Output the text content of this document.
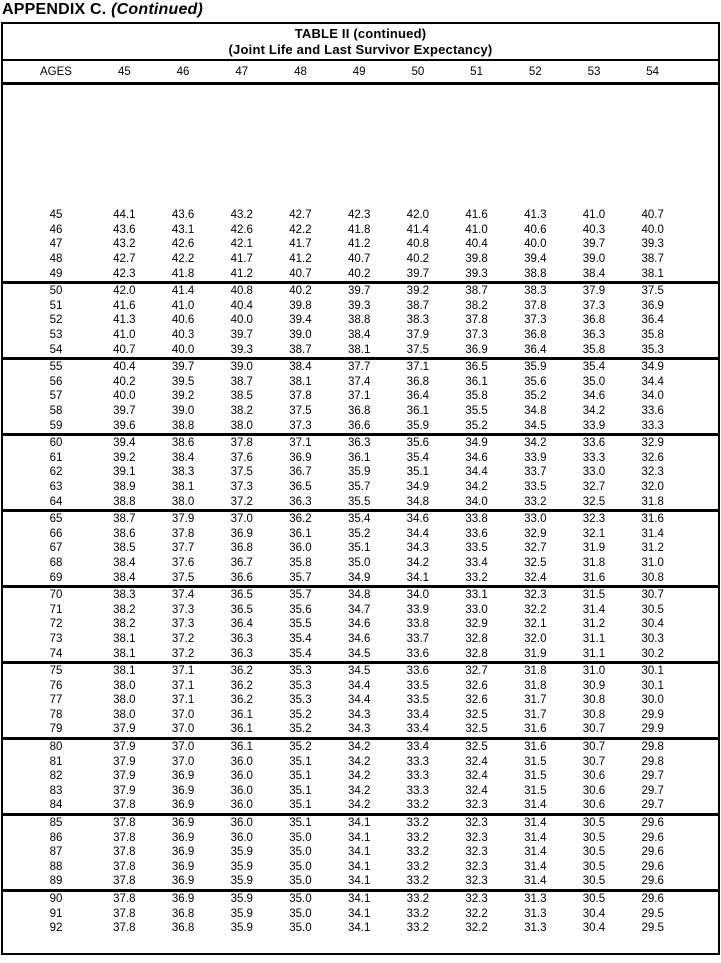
APPENDIX C. (Continued)
TABLE II (continued)
(Joint Life and Last Survivor Expectancy)
AGES	45	46	47	48	49	50	51	52	53	54
45	44.1	43.6	43.2	42.7	42.3	42.0	41.6	41.3	41.0	40.7
46	43.6	43.1	42.6	42.2	41.8	41.4	41.0	40.6	40.3	40.0
47	43.2	42.6	42.1	41.7	41.2	40.8	40.4	40.0	39.7	39.3
48	42.7	42.2	41.7	41.2	40.7	40.2	39.8	39.4	39.0	38.7
49	42.3	41.8	41.2	40.7	40.2	39.7	39.3	38.8	38.4	38.1
50	42.0	41.4	40.8	40.2	39.7	39.2	38.7	38.3	37.9	37.5
51	41.6	41.0	40.4	39.8	39.3	38.7	38.2	37.8	37.3	36.9
52	41.3	40.6	40.0	39.4	38.8	38.3	37.8	37.3	36.8	36.4
53	41.0	40.3	39.7	39.0	38.4	37.9	37.3	36.8	36.3	35.8
54	40.7	40.0	39.3	38.7	38.1	37.5	36.9	36.4	35.8	35.3
55	40.4	39.7	39.0	38.4	37.7	37.1	36.5	35.9	35.4	34.9
56	40.2	39.5	38.7	38.1	37.4	36.8	36.1	35.6	35.0	34.4
57	40.0	39.2	38.5	37.8	37.1	36.4	35.8	35.2	34.6	34.0
58	39.7	39.0	38.2	37.5	36.8	36.1	35.5	34.8	34.2	33.6
59	39.6	38.8	38.0	37.3	36.6	35.9	35.2	34.5	33.9	33.3
60	39.4	38.6	37.8	37.1	36.3	35.6	34.9	34.2	33.6	32.9
61	39.2	38.4	37.6	36.9	36.1	35.4	34.6	33.9	33.3	32.6
62	39.1	38.3	37.5	36.7	35.9	35.1	34.4	33.7	33.0	32.3
63	38.9	38.1	37.3	36.5	35.7	34.9	34.2	33.5	32.7	32.0
64	38.8	38.0	37.2	36.3	35.5	34.8	34.0	33.2	32.5	31.8
65	38.7	37.9	37.0	36.2	35.4	34.6	33.8	33.0	32.3	31.6
66	38.6	37.8	36.9	36.1	35.2	34.4	33.6	32.9	32.1	31.4
67	38.5	37.7	36.8	36.0	35.1	34.3	33.5	32.7	31.9	31.2
68	38.4	37.6	36.7	35.8	35.0	34.2	33.4	32.5	31.8	31.0
69	38.4	37.5	36.6	35.7	34.9	34.1	33.2	32.4	31.6	30.8
70	38.3	37.4	36.5	35.7	34.8	34.0	33.1	32.3	31.5	30.7
71	38.2	37.3	36.5	35.6	34.7	33.9	33.0	32.2	31.4	30.5
72	38.2	37.3	36.4	35.5	34.6	33.8	32.9	32.1	31.2	30.4
73	38.1	37.2	36.3	35.4	34.6	33.7	32.8	32.0	31.1	30.3
74	38.1	37.2	36.3	35.4	34.5	33.6	32.8	31.9	31.1	30.2
75	38.1	37.1	36.2	35.3	34.5	33.6	32.7	31.8	31.0	30.1
76	38.0	37.1	36.2	35.3	34.4	33.5	32.6	31.8	30.9	30.1
77	38.0	37.1	36.2	35.3	34.4	33.5	32.6	31.7	30.8	30.0
78	38.0	37.0	36.1	35.2	34.3	33.4	32.5	31.7	30.8	29.9
79	37.9	37.0	36.1	35.2	34.3	33.4	32.5	31.6	30.7	29.9
80	37.9	37.0	36.1	35.2	34.2	33.4	32.5	31.6	30.7	29.8
81	37.9	37.0	36.0	35.1	34.2	33.3	32.4	31.5	30.7	29.8
82	37.9	36.9	36.0	35.1	34.2	33.3	32.4	31.5	30.6	29.7
83	37.9	36.9	36.0	35.1	34.2	33.3	32.4	31.5	30.6	29.7
84	37.8	36.9	36.0	35.1	34.2	33.2	32.3	31.4	30.6	29.7
85	37.8	36.9	36.0	35.1	34.1	33.2	32.3	31.4	30.5	29.6
86	37.8	36.9	36.0	35.0	34.1	33.2	32.3	31.4	30.5	29.6
87	37.8	36.9	35.9	35.0	34.1	33.2	32.3	31.4	30.5	29.6
88	37.8	36.9	35.9	35.0	34.1	33.2	32.3	31.4	30.5	29.6
89	37.8	36.9	35.9	35.0	34.1	33.2	32.3	31.4	30.5	29.6
90	37.8	36.9	35.9	35.0	34.1	33.2	32.3	31.3	30.5	29.6
91	37.8	36.8	35.9	35.0	34.1	33.2	32.2	31.3	30.4	29.5
92	37.8	36.8	35.9	35.0	34.1	33.2	32.2	31.3	30.4	29.5
